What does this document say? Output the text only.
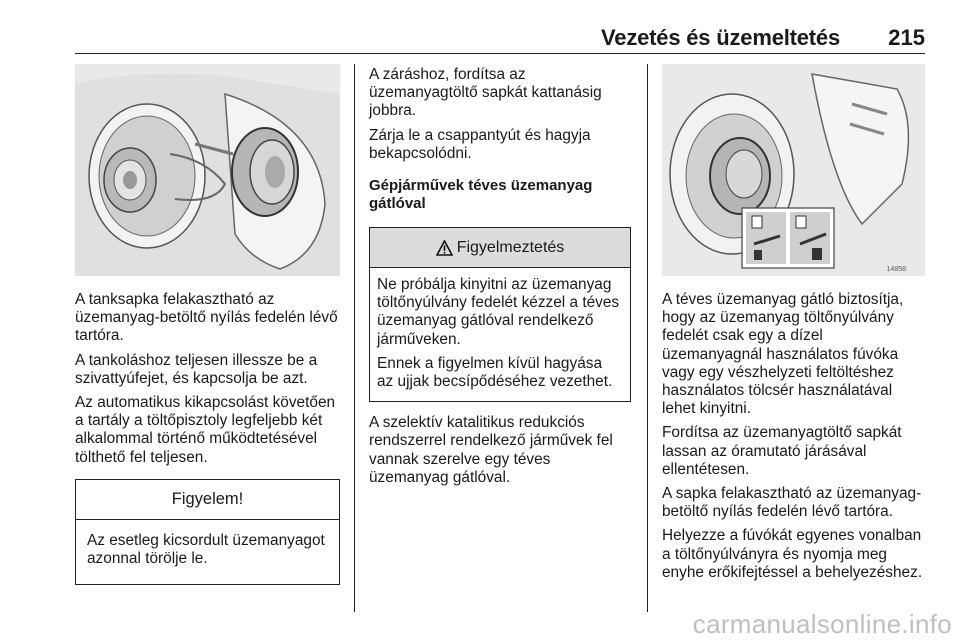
Vezetés és üzemeltetés 215

A tanksapka felakasztható az üzemanyag-betöltő nyílás fedelén lévő tartóra.

A tankoláshoz teljesen illessze be a szivattyúfejet, és kapcsolja be azt.

Az automatikus kikapcsolást követően a tartály a töltőpisztoly legfeljebb két alkalommal történő működtetésével tölthető fel teljesen.

Figyelem!

Az esetleg kicsordult üzemanyagot azonnal törölje le.

A záráshoz, fordítsa az üzemanyagtöltő sapkát kattanásig jobbra.

Zárja le a csappantyút és hagyja bekapcsolódni.

Gépjárművek téves üzemanyag gátlóval
Figyelmeztetés

Ne próbálja kinyitni az üzemanyag töltőnyúlvány fedelét kézzel a téves üzemanyag gátlóval rendelkező járműveken.

Ennek a figyelmen kívül hagyása az ujjak becsípődéséhez vezethet.

A szelektív katalitikus redukciós rendszerrel rendelkező járművek fel vannak szerelve egy téves üzemanyag gátlóval.

14858

A téves üzemanyag gátló biztosítja, hogy az üzemanyag töltőnyúlvány fedelét csak egy a dízel üzemanyagnál használatos fúvóka vagy egy vészhelyzeti feltöltéshez használatos tölcsér használatával lehet kinyitni.

Fordítsa az üzemanyagtöltő sapkát lassan az óramutató járásával ellentétesen.

A sapka felakasztható az üzemanyag-betöltő nyílás fedelén lévő tartóra.

Helyezze a fúvókát egyenes vonalban a töltőnyúlványra és nyomja meg enyhe erőkifejtéssel a behelyezéshez.

carmanualsonline.info
